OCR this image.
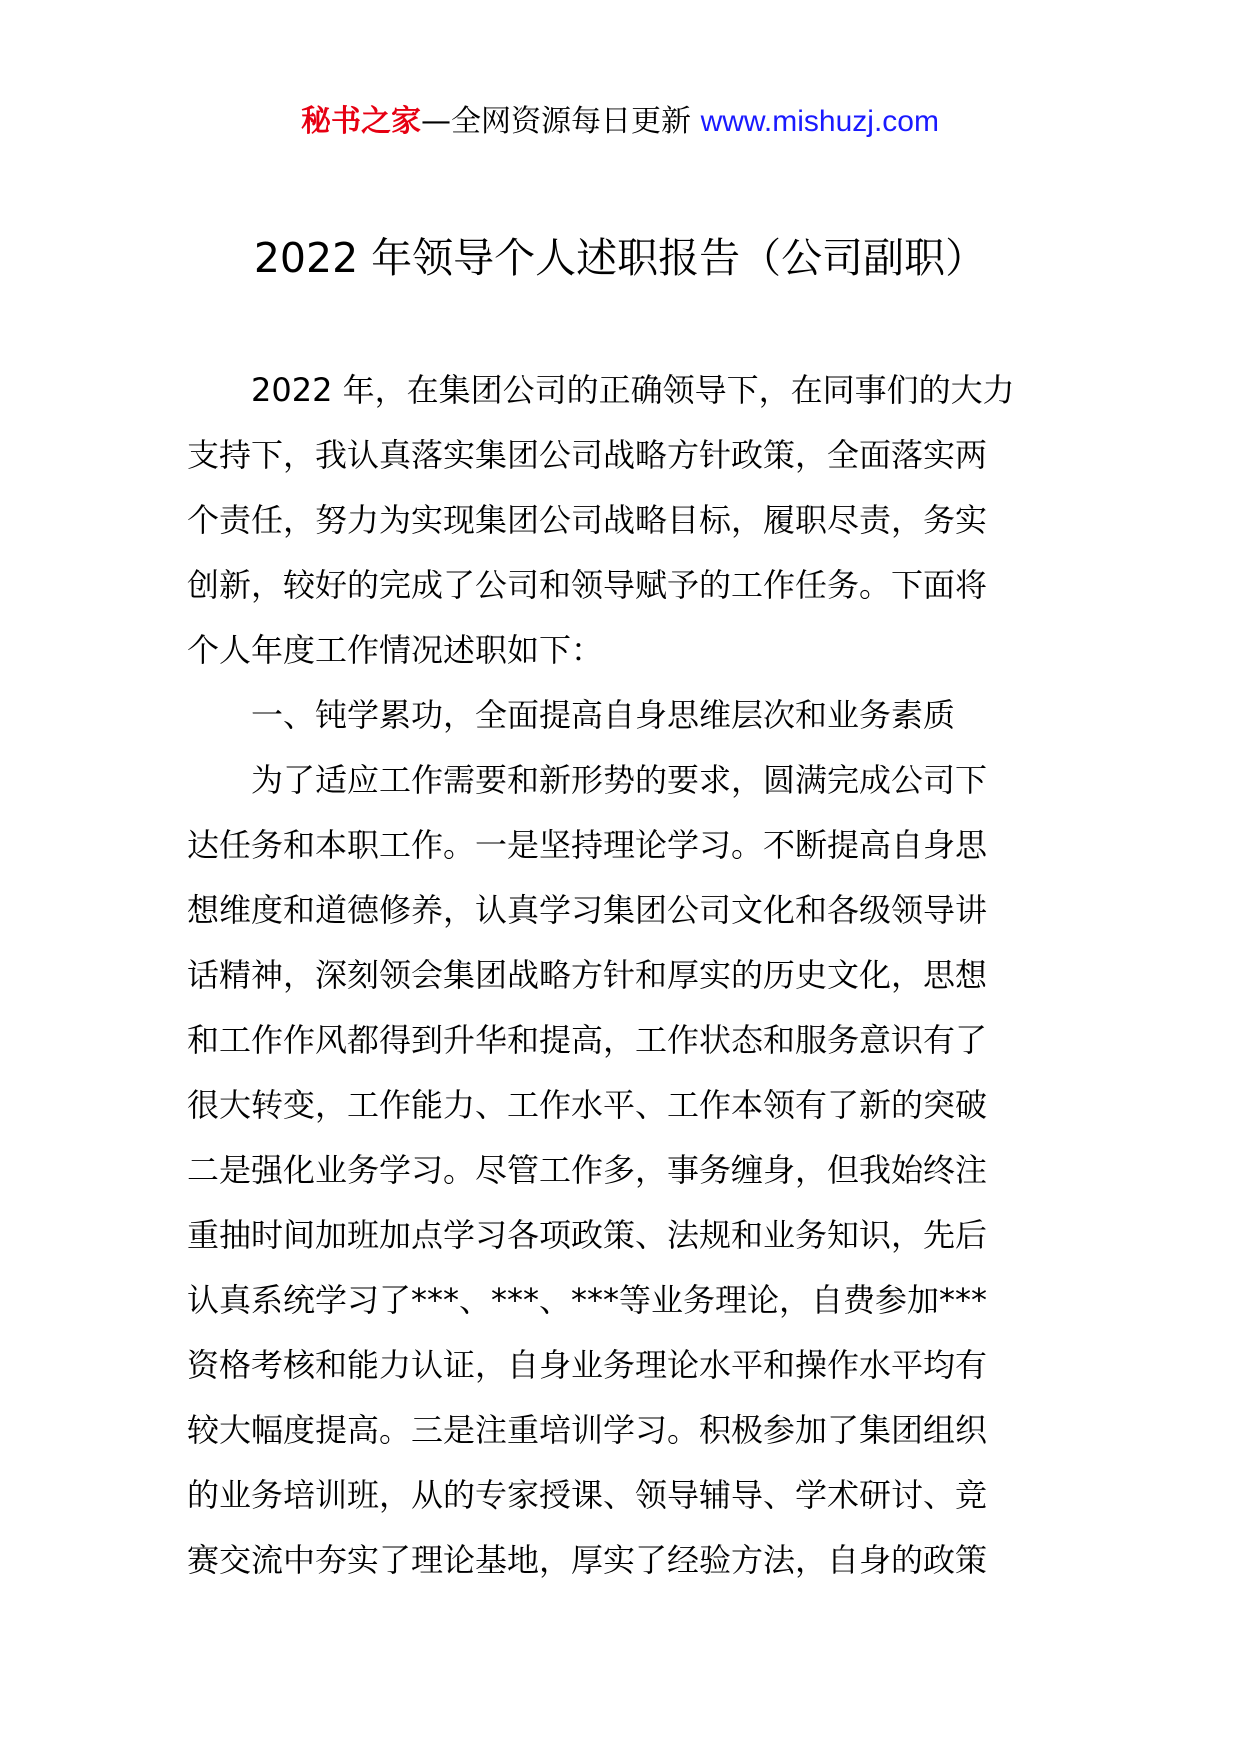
秘书之家—全网资源每日更新 www.mishuzj.com
2022 年领导个人述职报告（公司副职）
2022 年，在集团公司的正确领导下，在同事们的大力
支持下，我认真落实集团公司战略方针政策，全面落实两
个责任，努力为实现集团公司战略目标，履职尽责，务实
创新，较好的完成了公司和领导赋予的工作任务。下面将
个人年度工作情况述职如下：
一、钝学累功，全面提高自身思维层次和业务素质
为了适应工作需要和新形势的要求，圆满完成公司下
达任务和本职工作。一是坚持理论学习。不断提高自身思
想维度和道德修养，认真学习集团公司文化和各级领导讲
话精神，深刻领会集团战略方针和厚实的历史文化，思想
和工作作风都得到升华和提高，工作状态和服务意识有了
很大转变，工作能力、工作水平、工作本领有了新的突破
二是强化业务学习。尽管工作多，事务缠身，但我始终注
重抽时间加班加点学习各项政策、法规和业务知识，先后
认真系统学习了***、***、***等业务理论，自费参加***
资格考核和能力认证，自身业务理论水平和操作水平均有
较大幅度提高。三是注重培训学习。积极参加了集团组织
的业务培训班，从的专家授课、领导辅导、学术研讨、竞
赛交流中夯实了理论基地，厚实了经验方法，自身的政策
